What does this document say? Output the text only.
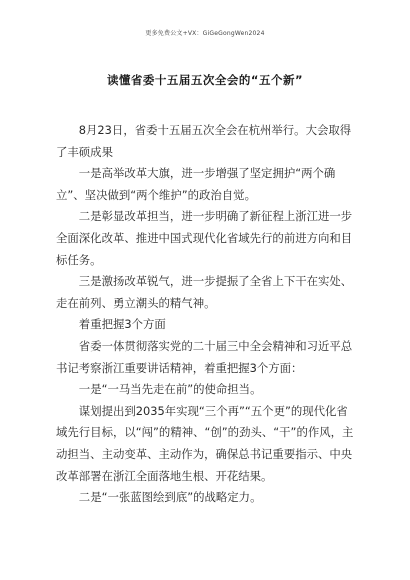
更多免费公文+VX：GiGeGongWen2024
读懂省委十五届五次全会的“五个新”

8月23日，省委十五届五次全会在杭州举行。大会取得了丰硕成果

一是高举改革大旗，进一步增强了坚定拥护“两个确立”、坚决做到“两个维护”的政治自觉。

二是彰显改革担当，进一步明确了新征程上浙江进一步全面深化改革、推进中国式现代化省域先行的前进方向和目标任务。

三是激扬改革锐气，进一步提振了全省上下干在实处、走在前列、勇立潮头的精气神。

着重把握3个方面

省委一体贯彻落实党的二十届三中全会精神和习近平总书记考察浙江重要讲话精神，着重把握3个方面：

一是“一马当先走在前”的使命担当。

谋划提出到2035年实现“三个再”“五个更”的现代化省域先行目标，以“闯”的精神、“创”的劲头、“干”的作风，主动担当、主动变革、主动作为，确保总书记重要指示、中央改革部署在浙江全面落地生根、开花结果。

二是“一张蓝图绘到底”的战略定力。
